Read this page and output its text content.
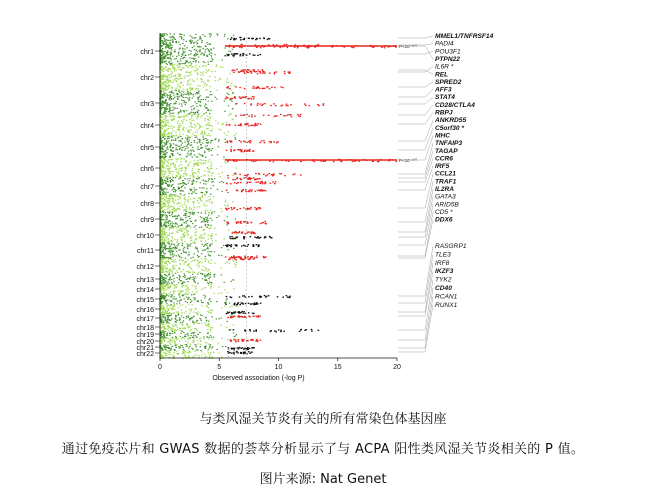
P<10⁻¹⁰⁰
P<10⁻¹⁰⁰
0	5	10	15	20
Observed association (-log P)
chr1
chr2
chr3
chr4
chr5
chr6
chr7
chr8
chr9
chr10
chr11
chr12
chr13
chr14
chr15
chr16
chr17
chr18
chr19
chr20
chr21
chr22
MMEL1/TNFRSF14
PADI4
POU3F1
PTPN22
IL6R *
REL
SPRED2
AFF3
STAT4
CD28/CTLA4
RBPJ
ANKRD55
C5orf30 *
MHC
TNFAIP3
TAGAP
CCR6
IRF5
CCL21
TRAF1
IL2RA
GATA3
ARID5B
CD5 *
DDX6
RASGRP1
TLE3
IRF8
IKZF3
TYK2
CD40
RCAN1
RUNX1
与类风湿关节炎有关的所有常染色体基因座
通过免疫芯片和 GWAS 数据的荟萃分析显示了与 ACPA 阳性类风湿关节炎相关的 P 值。
图片来源: Nat Genet
